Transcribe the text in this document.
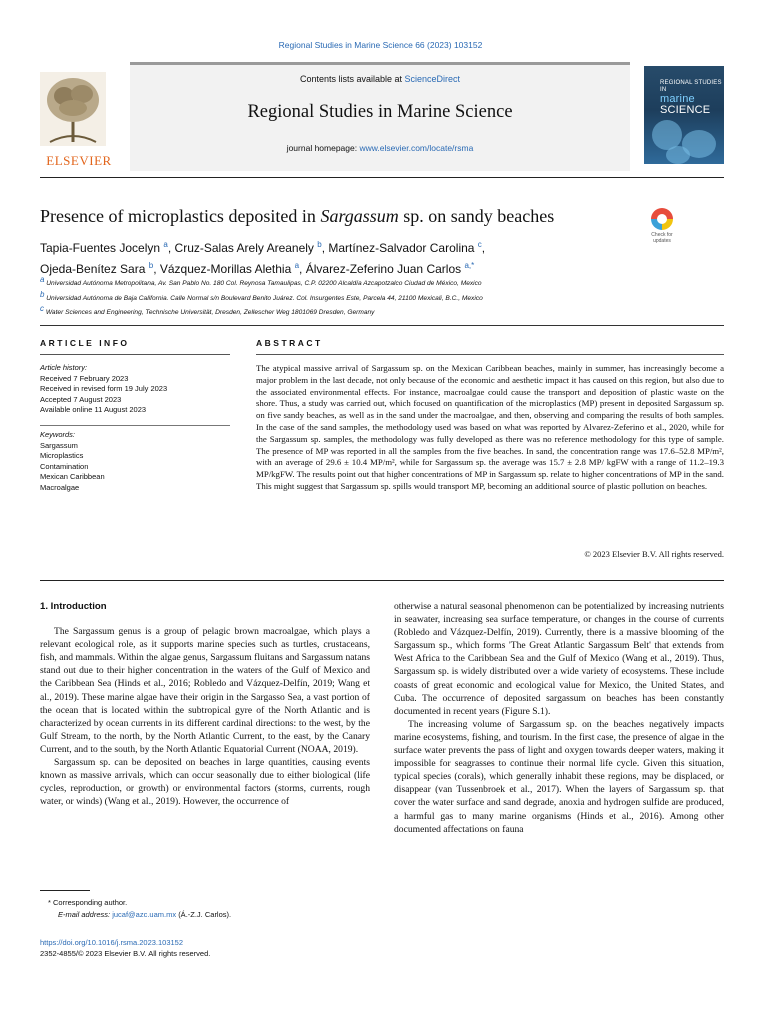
Regional Studies in Marine Science 66 (2023) 103152
ELSEVIER
Contents lists available at ScienceDirect
Regional Studies in Marine Science
journal homepage: www.elsevier.com/locate/rsma
REGIONAL STUDIES IN
marine
SCIENCE
Presence of microplastics deposited in Sargassum sp. on sandy beaches
Check for updates
Tapia-Fuentes Jocelyn $^a$, Cruz-Salas Arely Areanely $^b$, Martínez-Salvador Carolina $^c$,
Ojeda-Benítez Sara $^b$, Vázquez-Morillas Alethia $^a$, Álvarez-Zeferino Juan Carlos $^{a,*}$
$^a$ Universidad Autónoma Metropolitana, Av. San Pablo No. 180 Col. Reynosa Tamaulipas, C.P. 02200 Alcaldía Azcapotzalco Ciudad de México, Mexico
$^b$ Universidad Autónoma de Baja California. Calle Normal s/n Boulevard Benito Juárez. Col. Insurgentes Este, Parcela 44, 21100 Mexicali, B.C., Mexico
$^c$ Water Sciences and Engineering, Technische Universität, Dresden, Zellescher Weg 1801069 Dresden, Germany
ARTICLE INFO	ABSTRACT
Article history:
Received 7 February 2023
Received in revised form 19 July 2023
Accepted 7 August 2023
Available online 11 August 2023
Keywords:
Sargassum
Microplastics
Contamination
Mexican Caribbean
Macroalgae
The atypical massive arrival of Sargassum sp. on the Mexican Caribbean beaches, mainly in summer, has increasingly become a major problem in the last decade, not only because of the economic and aesthetic impact it has caused on this region, but also due to the associated environmental effects. For instance, macroalgae could cause the transport and deposition of plastic waste on the shore. Thus, a study was carried out, which focused on quantification of the microplastics (MP) present in deposited Sargassum sp. on five sandy beaches, as well as in the sand under the macroalgae, and then, observing and comparing the results of both samples. In the case of the sand samples, the methodology used was based on what was reported by Alvarez-Zeferino et al., 2020, while for the Sargassum sp. samples, the methodology was fully developed as there was no reference methodology for this type of sample. The presence of MP was reported in all the samples from the five beaches. In sand, the concentration range was 17.6–52.8 MP/m², with an average of 29.6 ± 10.4 MP/m², while for Sargassum sp. the average was 15.7 ± 2.8 MP/ kgFW with a range of 11.2–19.3 MP/kgFW. The results point out that higher concentrations of MP in Sargassum sp. relate to higher concentrations of MP in the sand. This might suggest that Sargassum sp. spills would transport MP, becoming an additional source of plastic pollution on beaches.
© 2023 Elsevier B.V. All rights reserved.
1. Introduction

The Sargassum genus is a group of pelagic brown macroalgae, which plays a relevant ecological role, as it supports marine species such as turtles, crustaceans, fish, and mammals. Within the algae genus, Sargassum fluitans and Sargassum natans stand out due to their higher concentration in the waters of the Gulf of Mexico and the Caribbean Sea (Hinds et al., 2016; Robledo and Vázquez-Delfín, 2019; Wang et al., 2019). These marine algae have their origin in the Sargasso Sea, a vast portion of the ocean that is located within the subtropical gyre of the North Atlantic and is characterized by ocean currents in its different cardinal directions: to the west, by the Gulf Stream, to the north, by the North Atlantic Current, to the east, by the Canary Current, and to the south, by the North Atlantic Equatorial Current (NOAA, 2019).

Sargassum sp. can be deposited on beaches in large quantities, causing events known as massive arrivals, which can occur seasonally due to either biological (life cycles, reproduction, or growth) or environmental factors (storms, currents, rough water, or winds) (Wang et al., 2019). However, the occurrence of

otherwise a natural seasonal phenomenon can be potentialized by increasing nutrients in seawater, increasing sea surface temperature, or changes in the course of currents (Robledo and Vázquez-Delfín, 2019). Currently, there is a massive blooming of the Sargassum sp., which forms 'The Great Atlantic Sargassum Belt' that extends from West Africa to the Caribbean Sea and the Gulf of Mexico (Wang et al., 2019). Thus, Sargassum sp. is widely distributed over a wide variety of ecosystems. These include coasts of great economic and ecological value for Mexico, the United States, and Cuba. The occurrence of deposited sargassum on beaches has been constantly documented in recent years (Figure S.1).

The increasing volume of Sargassum sp. on the beaches negatively impacts marine ecosystems, fishing, and tourism. In the first case, the presence of algae in the surface water prevents the pass of light and oxygen towards deeper waters, making it impossible for seagrasses to continue their normal life cycle. Given this situation, typical species (corals), which generally inhabit these regions, may be displaced, or disappear (van Tussenbroek et al., 2017). When the layers of Sargassum sp. that cover the water surface and sand degrade, anoxia and hydrogen sulfide are produced, a harmful gas to many marine organisms (Hinds et al., 2016). Among other documented affectations on fauna

* Corresponding author.
E-mail address: jucaf@azc.uam.mx (Á.-Z.J. Carlos).
https://doi.org/10.1016/j.rsma.2023.103152
2352-4855/© 2023 Elsevier B.V. All rights reserved.
